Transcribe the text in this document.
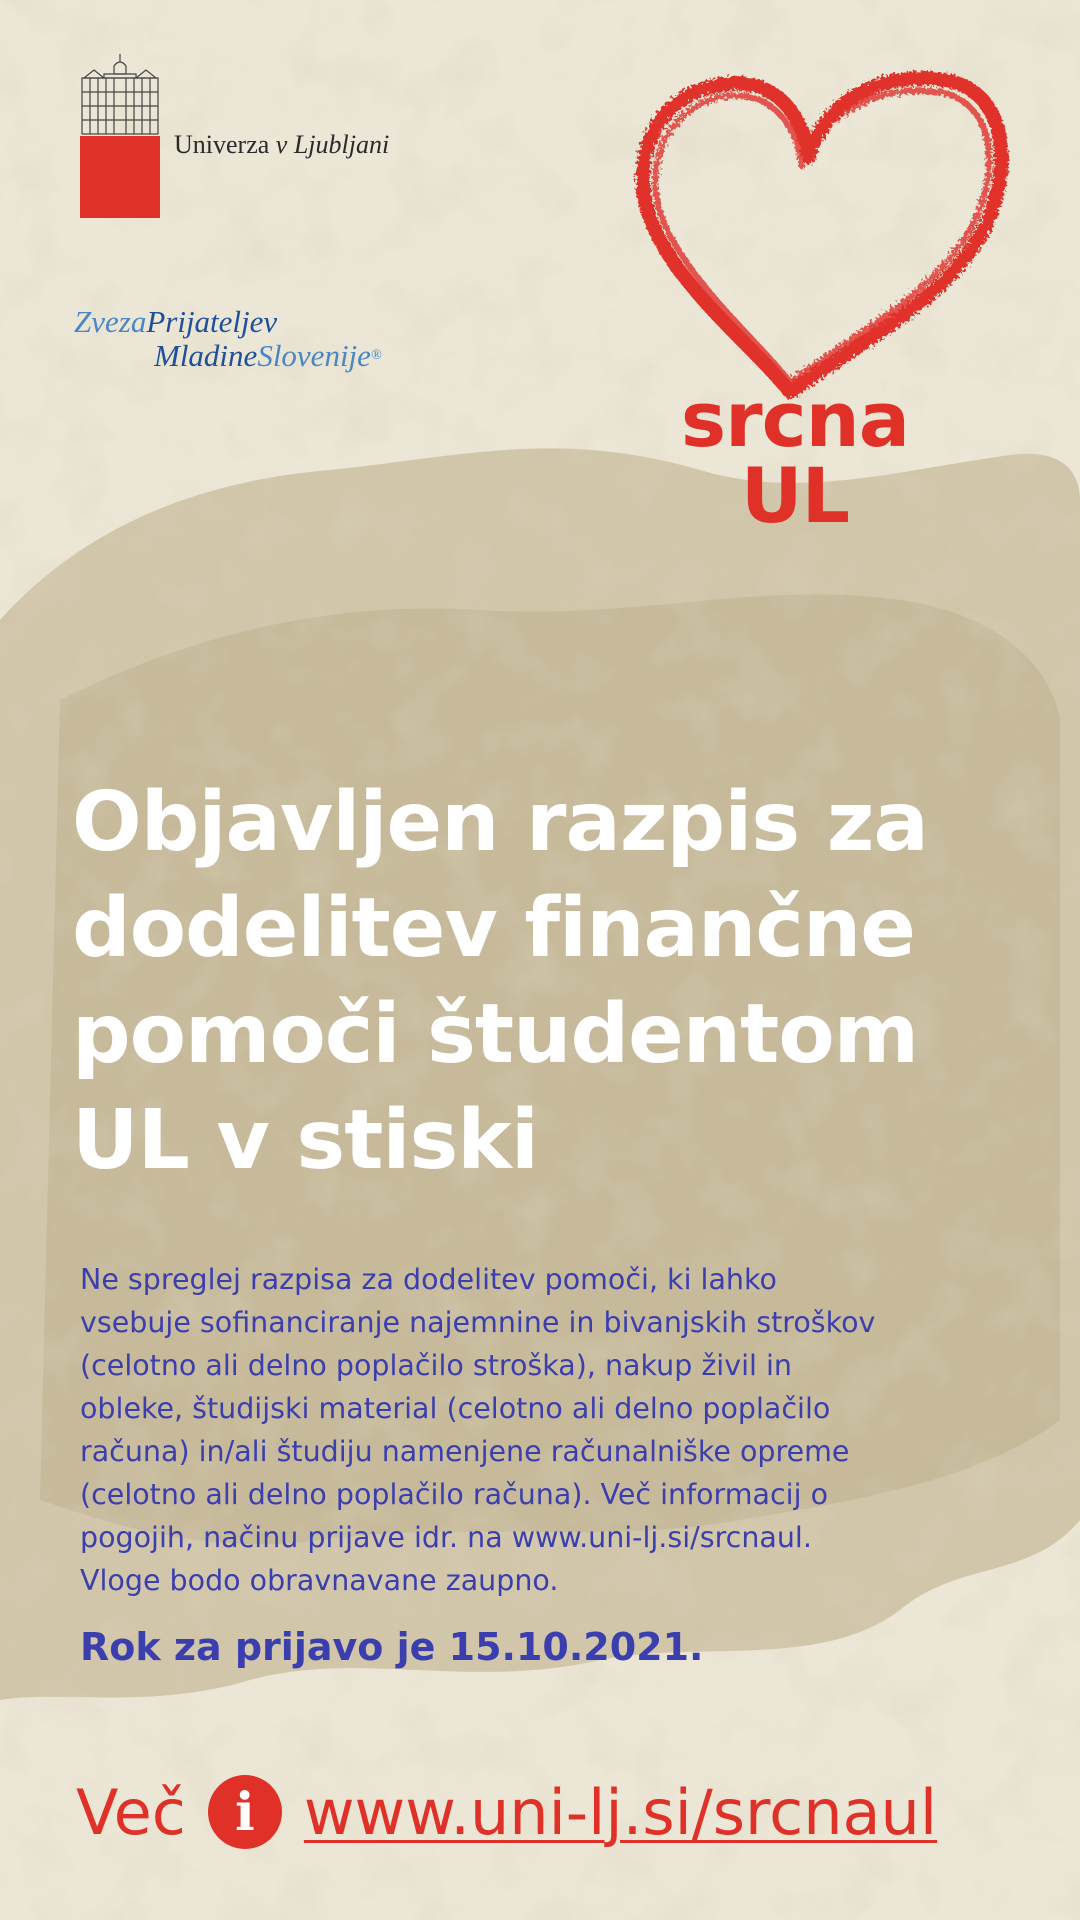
Univerza v Ljubljani
ZvezaPrijateljev
MladineSlovenije®
srcna
UL
Objavljen razpis za
dodelitev finančne
pomoči študentom
UL v stiski
Ne spreglej razpisa za dodelitev pomoči, ki lahko
vsebuje sofinanciranje najemnine in bivanjskih stroškov
(celotno ali delno poplačilo stroška), nakup živil in
obleke, študijski material (celotno ali delno poplačilo
računa) in/ali študiju namenjene računalniške opreme
(celotno ali delno poplačilo računa). Več informacij o
pogojih, načinu prijave idr. na www.uni-lj.si/srcnaul.
Vloge bodo obravnavane zaupno.
Rok za prijavo je 15.10.2021.
Več i www.uni-lj.si/srcnaul
